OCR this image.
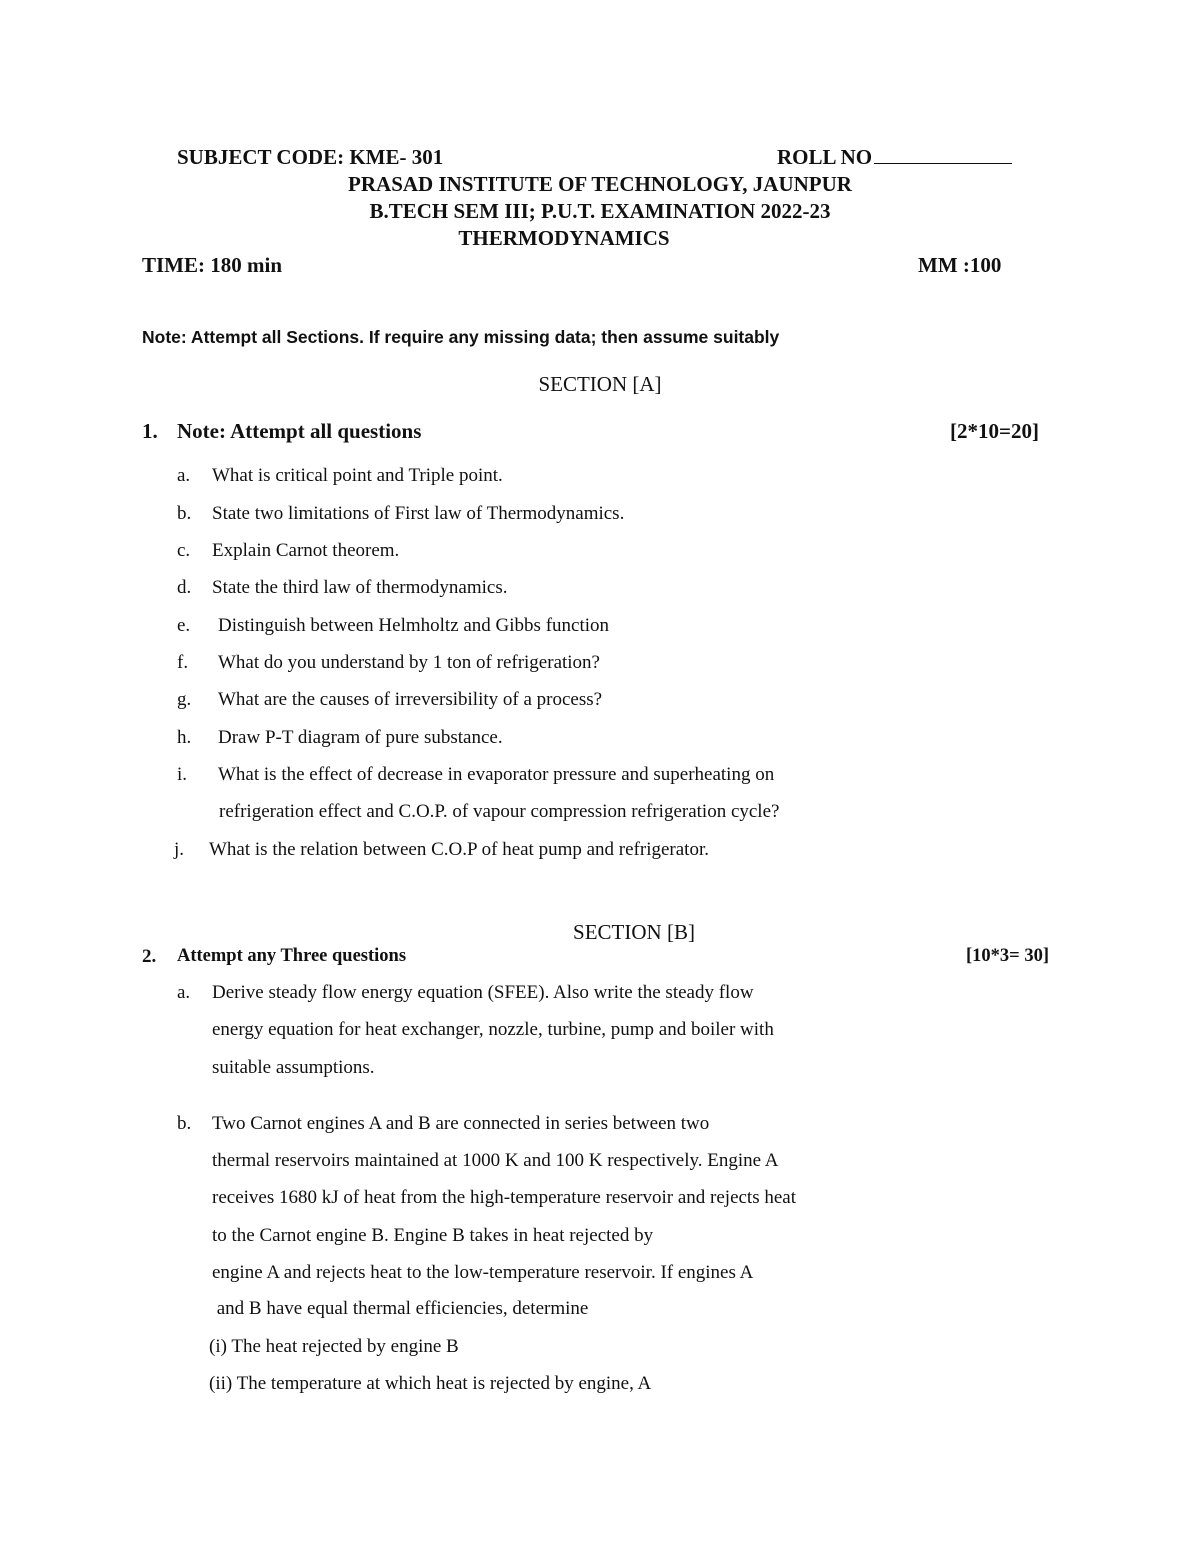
SUBJECT CODE: KME- 301	ROLL NO
PRASAD INSTITUTE OF TECHNOLOGY, JAUNPUR
B.TECH SEM III; P.U.T. EXAMINATION 2022-23
THERMODYNAMICS
TIME: 180 min	MM :100
Note: Attempt all Sections. If require any missing data; then assume suitably
SECTION [A]
1. Note: Attempt all questions	[2*10=20]
a. What is critical point and Triple point.
b. State two limitations of First law of Thermodynamics.
c. Explain Carnot theorem.
d. State the third law of thermodynamics.
e. Distinguish between Helmholtz and Gibbs function
f. What do you understand by 1 ton of refrigeration?
g. What are the causes of irreversibility of a process?
h. Draw P-T diagram of pure substance.
i. What is the effect of decrease in evaporator pressure and superheating on
refrigeration effect and C.O.P. of vapour compression refrigeration cycle?
j. What is the relation between C.O.P of heat pump and refrigerator.
SECTION [B]
2. Attempt any Three questions	[10*3= 30]
a. Derive steady flow energy equation (SFEE). Also write the steady flow
energy equation for heat exchanger, nozzle, turbine, pump and boiler with
suitable assumptions.
b. Two Carnot engines A and B are connected in series between two
thermal reservoirs maintained at 1000 K and 100 K respectively. Engine A
receives 1680 kJ of heat from the high-temperature reservoir and rejects heat
to the Carnot engine B. Engine B takes in heat rejected by
engine A and rejects heat to the low-temperature reservoir. If engines A
and B have equal thermal efficiencies, determine
(i) The heat rejected by engine B
(ii) The temperature at which heat is rejected by engine, A
